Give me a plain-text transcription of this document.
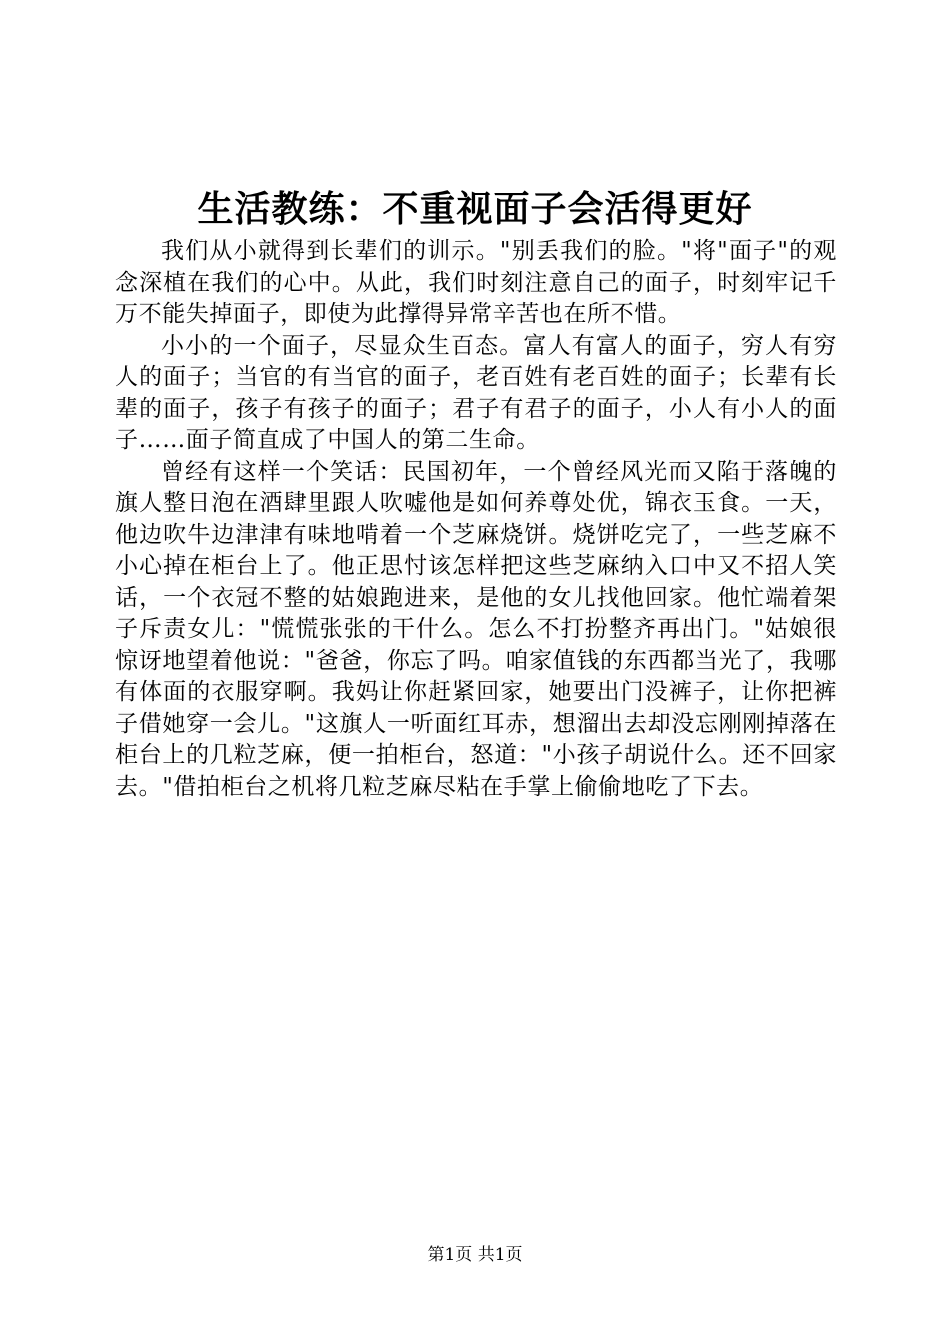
生活教练：不重视面子会活得更好

我们从小就得到长辈们的训示。"别丢我们的脸。"将"面子"的观念深植在我们的心中。从此，我们时刻注意自己的面子，时刻牢记千万不能失掉面子，即使为此撑得异常辛苦也在所不惜。

小小的一个面子，尽显众生百态。富人有富人的面子，穷人有穷人的面子；当官的有当官的面子，老百姓有老百姓的面子；长辈有长辈的面子，孩子有孩子的面子；君子有君子的面子，小人有小人的面子……面子简直成了中国人的第二生命。

曾经有这样一个笑话：民国初年，一个曾经风光而又陷于落魄的旗人整日泡在酒肆里跟人吹嘘他是如何养尊处优，锦衣玉食。一天，他边吹牛边津津有味地啃着一个芝麻烧饼。烧饼吃完了，一些芝麻不小心掉在柜台上了。他正思忖该怎样把这些芝麻纳入口中又不招人笑话，一个衣冠不整的姑娘跑进来，是他的女儿找他回家。他忙端着架子斥责女儿："慌慌张张的干什么。怎么不打扮整齐再出门。"姑娘很惊讶地望着他说："爸爸，你忘了吗。咱家值钱的东西都当光了，我哪有体面的衣服穿啊。我妈让你赶紧回家，她要出门没裤子，让你把裤子借她穿一会儿。"这旗人一听面红耳赤，想溜出去却没忘刚刚掉落在柜台上的几粒芝麻，便一拍柜台，怒道："小孩子胡说什么。还不回家去。"借拍柜台之机将几粒芝麻尽粘在手掌上偷偷地吃了下去。

第1页 共1页
